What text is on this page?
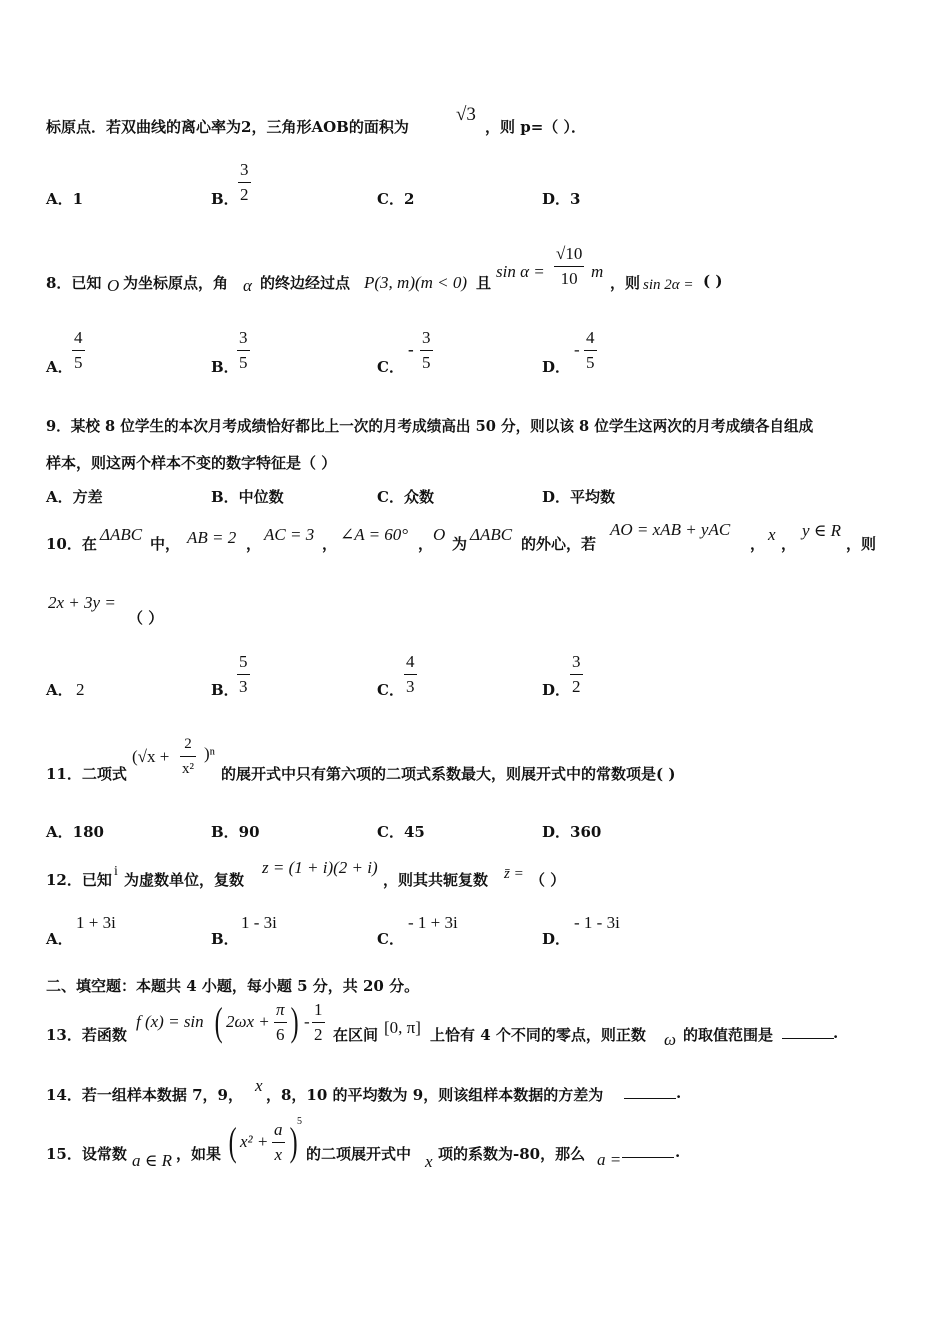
标原点．若双曲线的离心率为2，三角形AOB的面积为
√3
，则 p=（ ）．
A．1	B．
3
2	C．2	D．3
8．已知 O 为坐标原点，角 α 的终边经过点 P(3, m)(m < 0) 且
sin α =
√10
10 m
，则 sin 2α = ( )
A．
4
5	B．
3
5	C．
-
3
5	D．
-
4
5
9．某校 8 位学生的本次月考成绩恰好都比上一次的月考成绩高出 50 分，则以该 8 位学生这两次的月考成绩各自组成
样本，则这两个样本不变的数字特征是（ ）
A．方差	B．中位数	C．众数	D．平均数
10．在 ΔABC 中， AB = 2 ， AC = 3 ， ∠A = 60° ， O 为 ΔABC 的外心，若
AO = xAB + yAC
， x ，
y ∈ R
，则
2x + 3y =
（ ）
A． 2	B．
5
3	C．
4
3	D．
3
2
11．二项式
(√x +
2
x²
)ⁿ
的展开式中只有第六项的二项式系数最大，则展开式中的常数项是( )
A．180	B．90	C．45	D．360
12．已知 i 为虚数单位，复数
z = (1 + i)(2 + i)
，则其共轭复数 z̄ = （ ）
A．
1 + 3i
B．
1 - 3i
C．
- 1 + 3i
D．
- 1 - 3i
二、填空题：本题共 4 小题，每小题 5 分，共 20 分。
13．若函数
f (x) = sin ( 2ωx +
π
6 ) -
1
2 在区间 [0, π] 上恰有 4 个不同的零点，则正数 ω 的取值范围是	.
14．若一组样本数据 7，9， x ，8，10 的平均数为 9，则该组样本数据的方差为	.
15．设常数 a ∈ R ，如果 ( x² +
a
x ) 5
的二项展开式中 x 项的系数为-80，那么 a =	.
